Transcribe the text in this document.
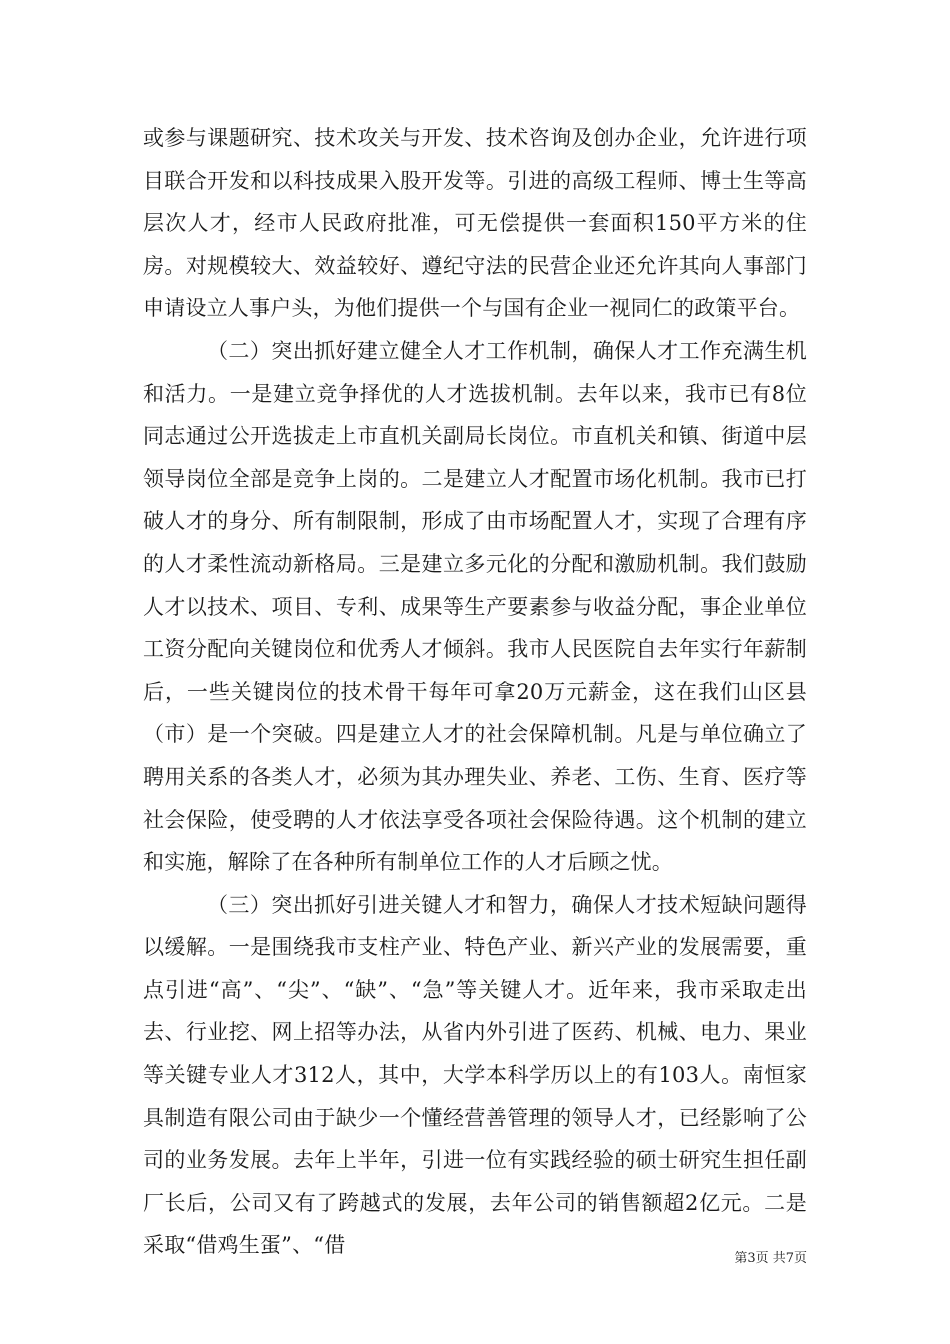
或参与课题研究、技术攻关与开发、技术咨询及创办企业，允许进行项目联合开发和以科技成果入股开发等。引进的高级工程师、博士生等高层次人才，经市人民政府批准，可无偿提供一套面积150平方米的住房。对规模较大、效益较好、遵纪守法的民营企业还允许其向人事部门申请设立人事户头，为他们提供一个与国有企业一视同仁的政策平台。

（二）突出抓好建立健全人才工作机制，确保人才工作充满生机和活力。一是建立竞争择优的人才选拔机制。去年以来，我市已有8位同志通过公开选拔走上市直机关副局长岗位。市直机关和镇、街道中层领导岗位全部是竞争上岗的。二是建立人才配置市场化机制。我市已打破人才的身分、所有制限制，形成了由市场配置人才，实现了合理有序的人才柔性流动新格局。三是建立多元化的分配和激励机制。我们鼓励人才以技术、项目、专利、成果等生产要素参与收益分配，事企业单位工资分配向关键岗位和优秀人才倾斜。我市人民医院自去年实行年薪制后，一些关键岗位的技术骨干每年可拿20万元薪金，这在我们山区县（市）是一个突破。四是建立人才的社会保障机制。凡是与单位确立了聘用关系的各类人才，必须为其办理失业、养老、工伤、生育、医疗等社会保险，使受聘的人才依法享受各项社会保险待遇。这个机制的建立和实施，解除了在各种所有制单位工作的人才后顾之忧。

（三）突出抓好引进关键人才和智力，确保人才技术短缺问题得以缓解。一是围绕我市支柱产业、特色产业、新兴产业的发展需要，重点引进“高”、“尖”、“缺”、“急”等关键人才。近年来，我市采取走出去、行业挖、网上招等办法，从省内外引进了医药、机械、电力、果业等关键专业人才312人，其中，大学本科学历以上的有103人。南恒家具制造有限公司由于缺少一个懂经营善管理的领导人才，已经影响了公司的业务发展。去年上半年，引进一位有实践经验的硕士研究生担任副厂长后，公司又有了跨越式的发展，去年公司的销售额超2亿元。二是采取“借鸡生蛋”、“借

第3页 共7页
